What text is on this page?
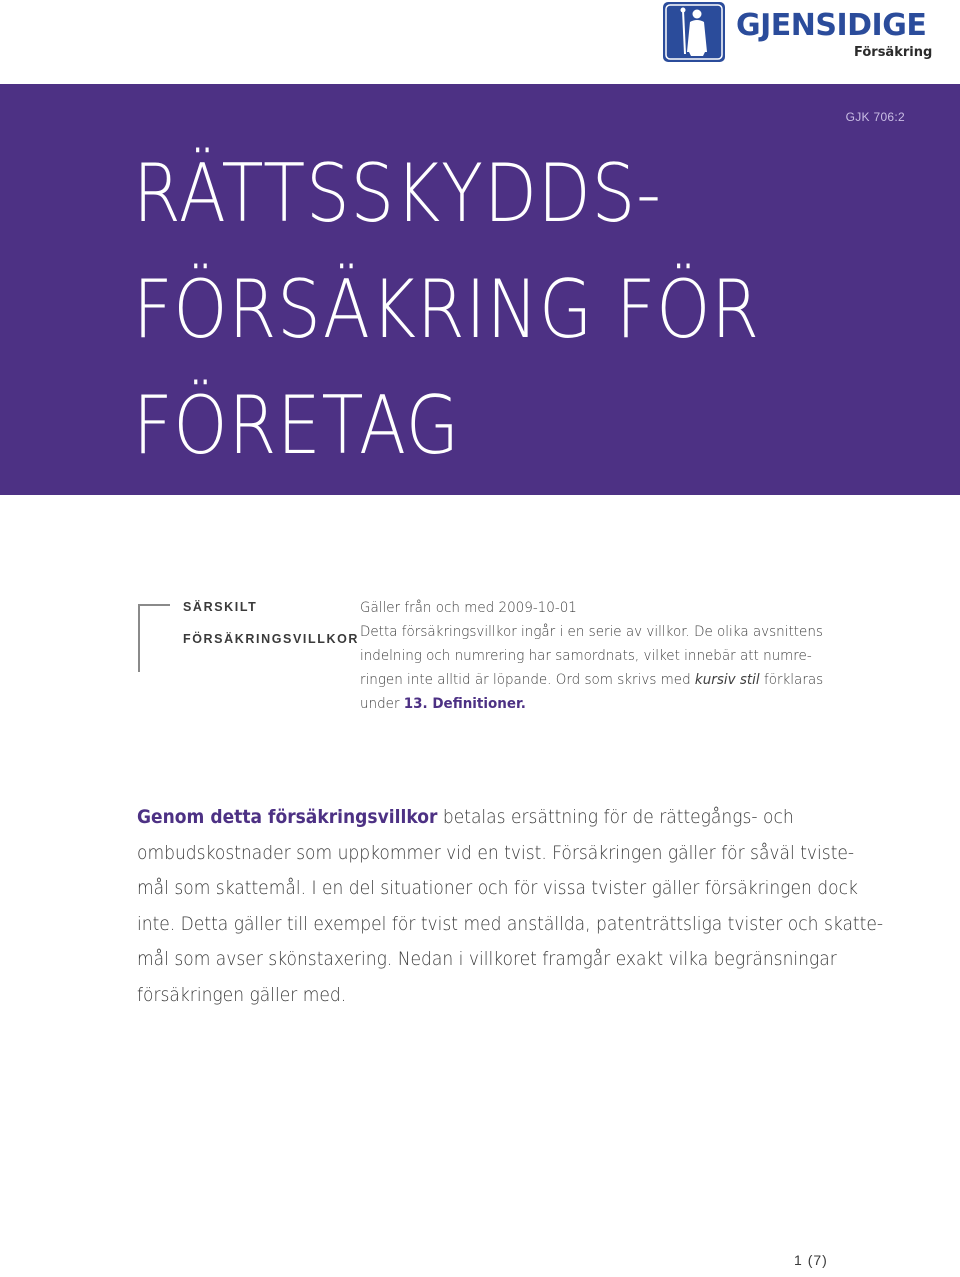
GJENSIDIGE
Försäkring
GJK 706:2
RÄTTSSKYDDS-
FÖRSÄKRING FÖR
FÖRETAG
SÄRSKILT
FÖRSÄKRINGSVILLKOR
Gäller från och med 2009-10-01
Detta försäkringsvillkor ingår i en serie av villkor. De olika avsnittens
indelning och numrering har samordnats, vilket innebär att numre-
ringen inte alltid är löpande. Ord som skrivs med kursiv stil förklaras
under 13. Definitioner.
Genom detta försäkringsvillkor betalas ersättning för de rättegångs- och
ombudskostnader som uppkommer vid en tvist. Försäkringen gäller för såväl tviste-
mål som skattemål. I en del situationer och för vissa tvister gäller försäkringen dock
inte. Detta gäller till exempel för tvist med anställda, patenträttsliga tvister och skatte-
mål som avser skönstaxering. Nedan i villkoret framgår exakt vilka begränsningar
försäkringen gäller med.
1 (7)
